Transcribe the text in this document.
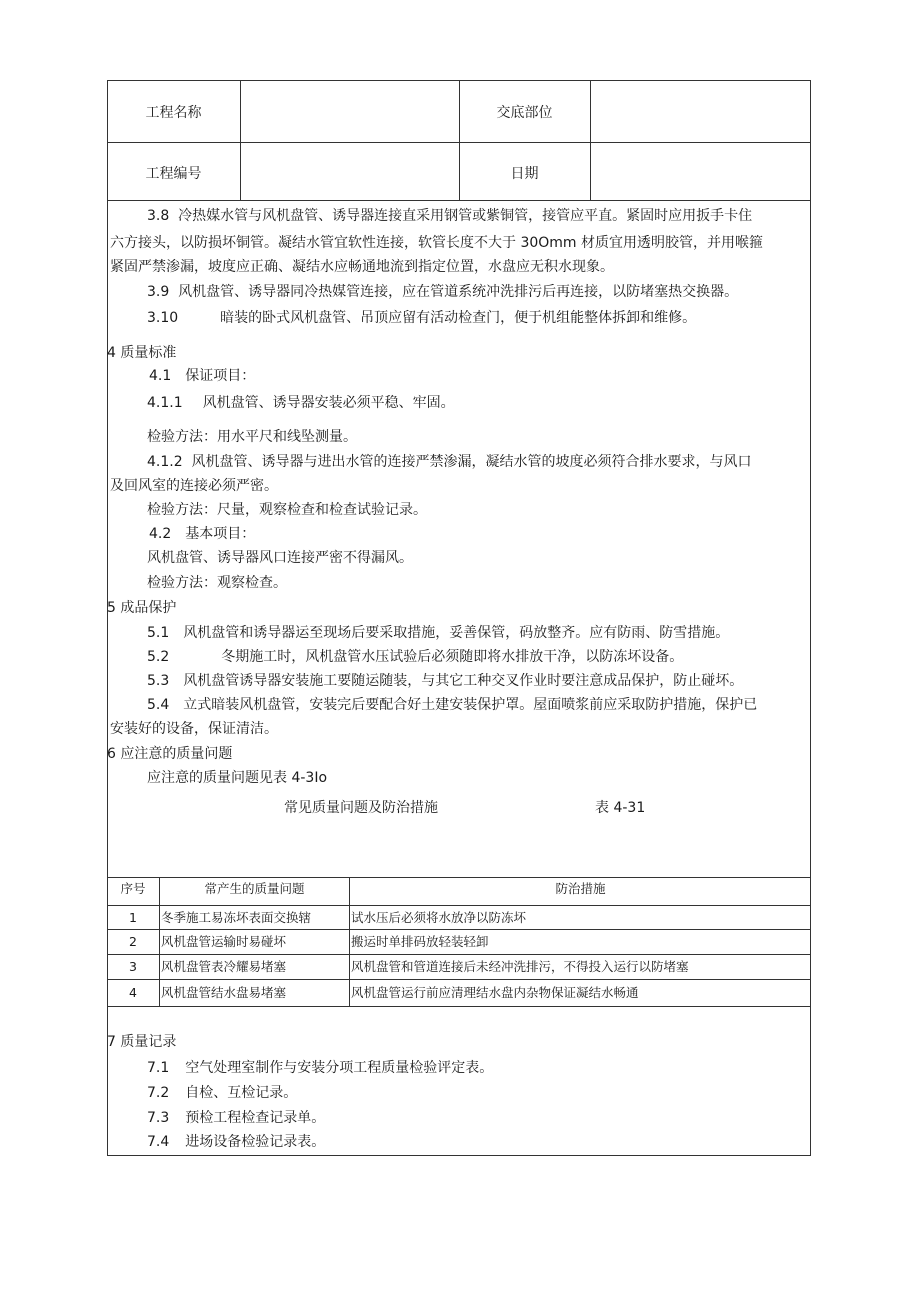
工程名称	交底部位
工程编号	日期
3.8 冷热媒水管与风机盘管、诱导器连接直采用钢管或紫铜管，接管应平直。紧固时应用扳手卡住
六方接头，以防损坏铜管。凝结水管宜软性连接，软管长度不大于 30Omm 材质宜用透明胶管，并用喉箍
紧固严禁渗漏，坡度应正确、凝结水应畅通地流到指定位置，水盘应无积水现象。
3.9 风机盘管、诱导器同冷热媒管连接，应在管道系统冲洗排污后再连接，以防堵塞热交换器。
3.10	暗装的卧式风机盘管、吊顶应留有活动检查门，便于机组能整体拆卸和维修。
4 质量标准
4.1　保证项目：
4.1.1 风机盘管、诱导器安装必须平稳、牢固。
检验方法：用水平尺和线坠测量。
4.1.2 风机盘管、诱导器与进出水管的连接严禁渗漏，凝结水管的坡度必须符合排水要求，与风口
及回风室的连接必须严密。
检验方法：尺量，观察检查和检查试验记录。
4.2　基本项目：
风机盘管、诱导器风口连接严密不得漏风。
检验方法：观察检查。
5 成品保护
5.1　风机盘管和诱导器运至现场后要采取措施，妥善保管，码放整齐。应有防雨、防雪措施。
5.2	冬期施工时，风机盘管水压试验后必须随即将水排放干净，以防冻坏设备。
5.3　风机盘管诱导器安装施工要随运随装，与其它工种交叉作业时要注意成品保护，防止碰坏。
5.4　立式暗装风机盘管，安装完后要配合好土建安装保护罩。屋面喷浆前应采取防护措施，保护已
安装好的设备，保证清洁。
6 应注意的质量问题
应注意的质量问题见表 4-3Io
常见质量问题及防治措施	表 4-31
序号	常产生的质量问题	防治措施
1	冬季施工易冻坏表面交换辖	试水压后必须将水放净以防冻坏
2	风机盘管运输时易碰坏	搬运时单排码放轻装轻卸
3	风机盘管表冷耀易堵塞	风机盘管和管道连接后未经冲洗排污，不得投入运行以防堵塞
4	风机盘管结水盘易堵塞	风机盘管运行前应清理结水盘内杂物保证凝结水畅通
7 质量记录
7.1 空气处理室制作与安装分项工程质量检验评定表。
7.2 自检、互检记录。
7.3 预检工程检查记录单。
7.4 进场设备检验记录表。
